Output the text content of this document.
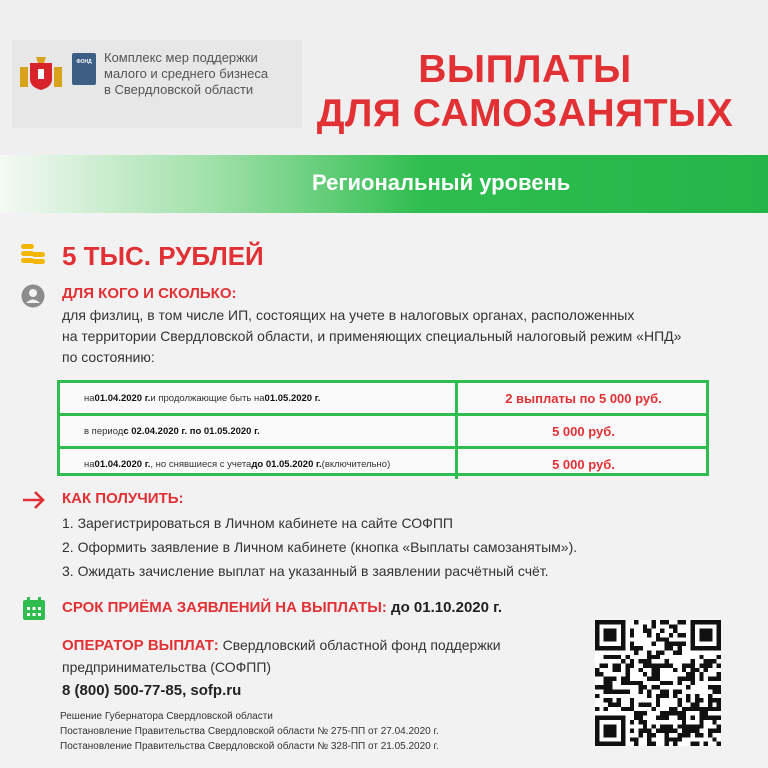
ФОНД Комплекс мер поддержки
малого и среднего бизнеса
в Свердловской области	ВЫПЛАТЫ
ДЛЯ САМОЗАНЯТЫХ
Региональный уровень
5 ТЫС. РУБЛЕЙ
ДЛЯ КОГО И СКОЛЬКО:
для физлиц, в том числе ИП, состоящих на учете в налоговых органах, расположенных
на территории Свердловской области, и применяющих специальный налоговый режим «НПД»
по состоянию:
на 01.04.2020 г. и продолжающие быть на 01.05.2020 г.	2 выплаты по 5 000 руб.
в период с 02.04.2020 г. по 01.05.2020 г.	5 000 руб.
на 01.04.2020 г. , но снявшиеся с учета до 01.05.2020 г. (включительно)	5 000 руб.
КАК ПОЛУЧИТЬ:
1. Зарегистрироваться в Личном кабинете на сайте СОФПП
2. Оформить заявление в Личном кабинете (кнопка «Выплаты самозанятым»).
3. Ожидать зачисление выплат на указанный в заявлении расчётный счёт.
СРОК ПРИЁМА ЗАЯВЛЕНИЙ НА ВЫПЛАТЫ: до 01.10.2020 г.
ОПЕРАТОР ВЫПЛАТ: Свердловский областной фонд поддержки
предпринимательства (СОФПП)
8 (800) 500-77-85, sofp.ru
Решение Губернатора Свердловской области
Постановление Правительства Свердловской области № 275-ПП от 27.04.2020 г.
Постановление Правительства Свердловской области № 328-ПП от 21.05.2020 г.
